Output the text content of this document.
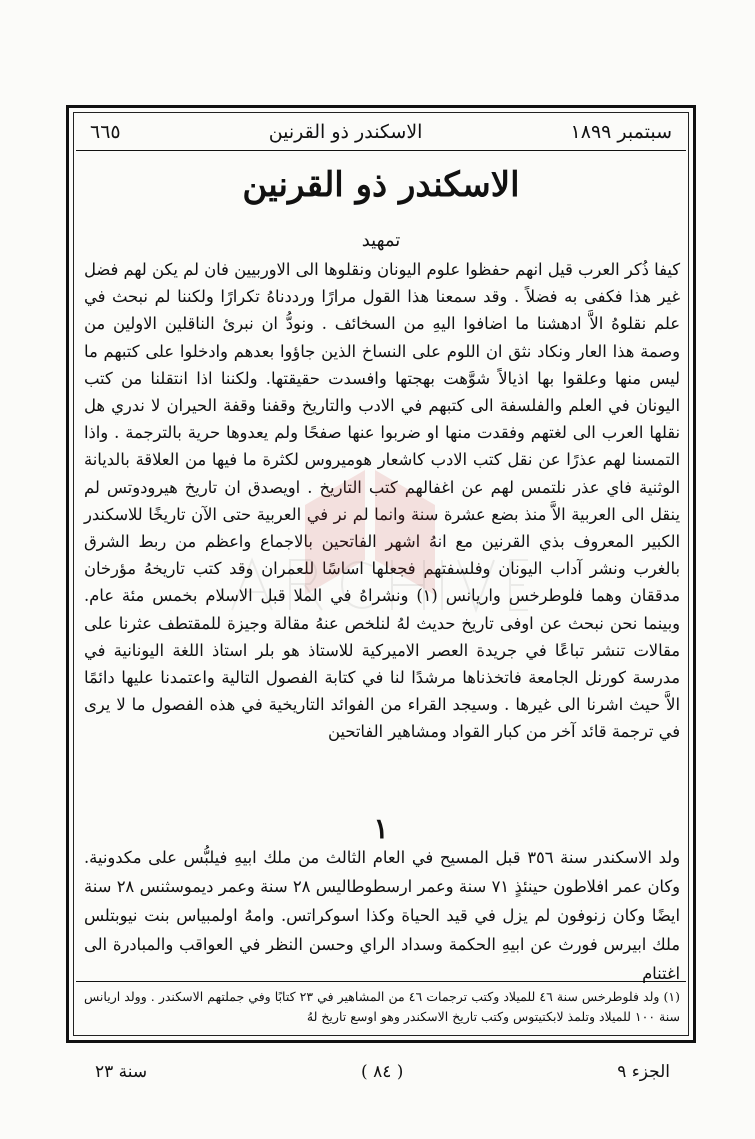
سبتمبر ١٨٩٩
الاسكندر ذو القرنين
٦٦٥
الاسكندر ذو القرنين
تمهيد

كيفا ذُكر العرب قيل انهم حفظوا علوم اليونان ونقلوها الى الاوربيين فان لم يكن لهم فضل غير هذا فكفى به فضلاً . وقد سمعنا هذا القول مرارًا ورددناهُ تكرارًا ولكننا لم نبحث في علم نقلوهُ الاَّ ادهشنا ما اضافوا اليهِ من السخائف . ونودُّ ان نبرئ الناقلين الاولين من وصمة هذا العار ونكاد نثق ان اللوم على النساخ الذين جاؤوا بعدهم وادخلوا على كتبهم ما ليس منها وعلقوا بها اذيالاً شوَّهت بهجتها وافسدت حقيقتها. ولكننا اذا انتقلنا من كتب اليونان في العلم والفلسفة الى كتبهم في الادب والتاريخ وقفنا وقفة الحيران لا ندري هل نقلها العرب الى لغتهم وفقدت منها او ضربوا عنها صفحًا ولم يعدوها حرية بالترجمة . واذا التمسنا لهم عذرًا عن نقل كتب الادب كاشعار هوميروس لكثرة ما فيها من العلاقة بالديانة الوثنية فاي عذر نلتمس لهم عن اغفالهم كتب التاريخ . اويصدق ان تاريخ هيرودوتس لم ينقل الى العربية الاَّ منذ بضع عشرة سنة وانما لم نر في العربية حتى الآن تاريخًا للاسكندر الكبير المعروف بذي القرنين مع انهُ اشهر الفاتحين بالاجماع واعظم من ربط الشرق بالغرب ونشر آداب اليونان وفلسفتهم فجعلها اساسًا للعمران وقد كتب تاريخهُ مؤرخان مدققان وهما فلوطرخس واريانس (١) ونشراهُ في الملا قبل الاسلام بخمس مئة عام. وبينما نحن نبحث عن اوفى تاريخ حديث لهُ لنلخص عنهُ مقالة وجيزة للمقتطف عثرنا على مقالات تنشر تباعًا في جريدة العصر الاميركية للاستاذ هو بلر استاذ اللغة اليونانية في مدرسة كورنل الجامعة فاتخذناها مرشدًا لنا في كتابة الفصول التالية واعتمدنا عليها دائمًا الاَّ حيث اشرنا الى غيرها . وسيجد القراء من الفوائد التاريخية في هذه الفصول ما لا يرى في ترجمة قائد آخر من كبار القواد ومشاهير الفاتحين

١

ولد الاسكندر سنة ٣٥٦ قبل المسيح في العام الثالث من ملك ابيهِ فيلبُّس على مكدونية. وكان عمر افلاطون حينئذٍ ٧١ سنة وعمر ارسطوطاليس ٢٨ سنة وعمر ديموسثنس ٢٨ سنة ايضًا وكان زنوفون لم يزل في قيد الحياة وكذا اسوكراتس. وامهُ اولمبياس بنت نيوبتلس ملك ابيرس فورث عن ابيهِ الحكمة وسداد الراي وحسن النظر في العواقب والمبادرة الى اغتنام

(١) ولد فلوطرخس سنة ٤٦ للميلاد وكتب ترجمات ٤٦ من المشاهير في ٢٣ كتابًا وفي جملتهم الاسكندر . وولد اريانس سنة ١٠٠ للميلاد وتلمذ لابكتيتوس وكتب تاريخ الاسكندر وهو اوسع تاريخ لهُ
الجزء ٩
( ٨٤ )
سنة ٢٣
